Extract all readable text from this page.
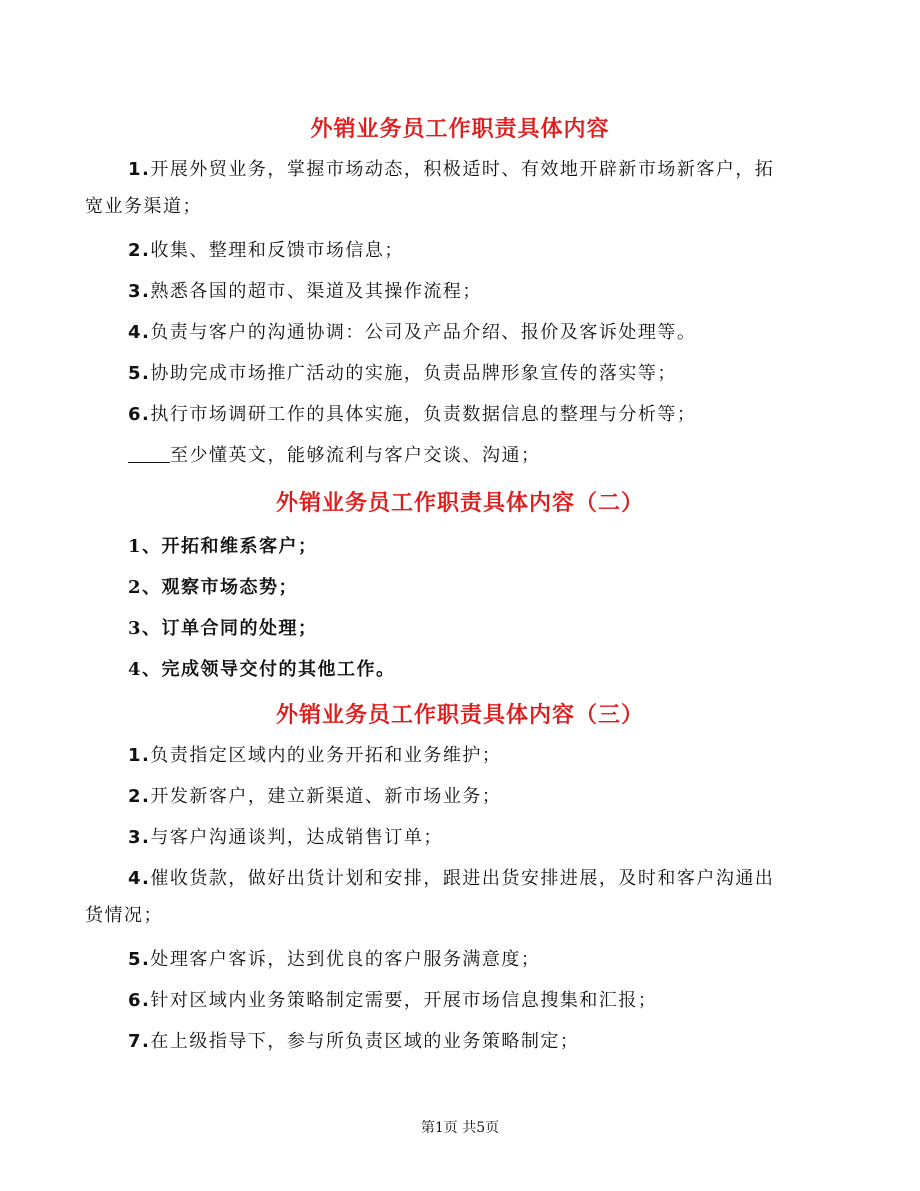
外销业务员工作职责具体内容
1.开展外贸业务，掌握市场动态，积极适时、有效地开辟新市场新客户，拓
宽业务渠道；
2.收集、整理和反馈市场信息；
3.熟悉各国的超市、渠道及其操作流程；
4.负责与客户的沟通协调：公司及产品介绍、报价及客诉处理等。
5.协助完成市场推广活动的实施，负责品牌形象宣传的落实等；
6.执行市场调研工作的具体实施，负责数据信息的整理与分析等；
至少懂英文，能够流利与客户交谈、沟通；
外销业务员工作职责具体内容（二）
1、开拓和维系客户；
2、观察市场态势；
3、订单合同的处理；
4、完成领导交付的其他工作。
外销业务员工作职责具体内容（三）
1.负责指定区域内的业务开拓和业务维护；
2.开发新客户，建立新渠道、新市场业务；
3.与客户沟通谈判，达成销售订单；
4.催收货款，做好出货计划和安排，跟进出货安排进展，及时和客户沟通出
货情况；
5.处理客户客诉，达到优良的客户服务满意度；
6.针对区域内业务策略制定需要，开展市场信息搜集和汇报；
7.在上级指导下，参与所负责区域的业务策略制定；
第1页 共5页
